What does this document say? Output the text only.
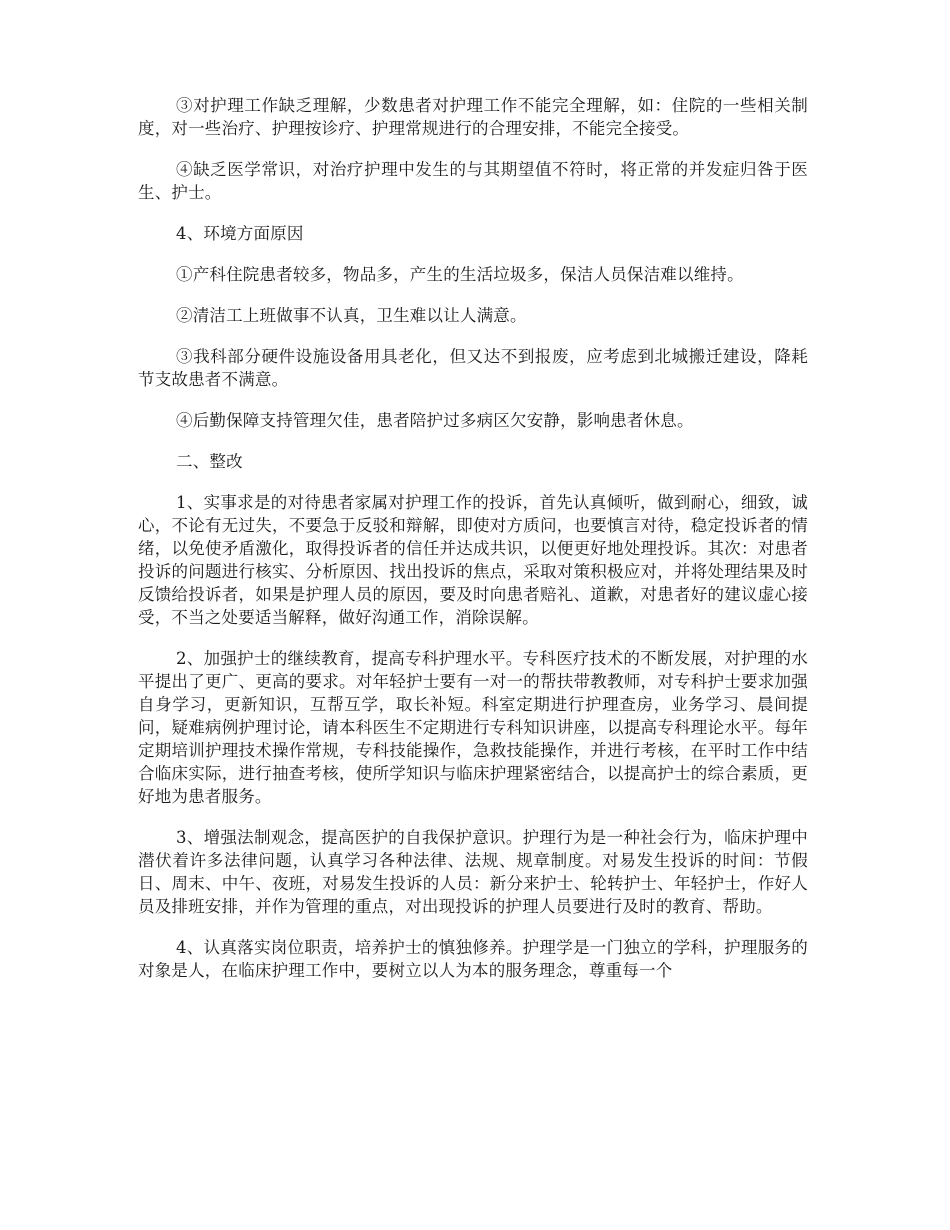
③对护理工作缺乏理解，少数患者对护理工作不能完全理解，如：住院的一些相关制度，对一些治疗、护理按诊疗、护理常规进行的合理安排，不能完全接受。

④缺乏医学常识，对治疗护理中发生的与其期望值不符时，将正常的并发症归咎于医生、护士。

4、环境方面原因

①产科住院患者较多，物品多，产生的生活垃圾多，保洁人员保洁难以维持。

②清洁工上班做事不认真，卫生难以让人满意。

③我科部分硬件设施设备用具老化，但又达不到报废，应考虑到北城搬迁建设，降耗节支故患者不满意。

④后勤保障支持管理欠佳，患者陪护过多病区欠安静，影响患者休息。

二、整改

1、实事求是的对待患者家属对护理工作的投诉，首先认真倾听，做到耐心，细致，诚心，不论有无过失，不要急于反驳和辩解，即使对方质问，也要慎言对待，稳定投诉者的情绪，以免使矛盾激化，取得投诉者的信任并达成共识，以便更好地处理投诉。其次：对患者投诉的问题进行核实、分析原因、找出投诉的焦点，采取对策积极应对，并将处理结果及时反馈给投诉者，如果是护理人员的原因，要及时向患者赔礼、道歉，对患者好的建议虚心接受，不当之处要适当解释，做好沟通工作，消除误解。

2、加强护士的继续教育，提高专科护理水平。专科医疗技术的不断发展，对护理的水平提出了更广、更高的要求。对年轻护士要有一对一的帮扶带教教师，对专科护士要求加强自身学习，更新知识，互帮互学，取长补短。科室定期进行护理查房，业务学习、晨间提问，疑难病例护理讨论，请本科医生不定期进行专科知识讲座，以提高专科理论水平。每年定期培训护理技术操作常规，专科技能操作，急救技能操作，并进行考核，在平时工作中结合临床实际，进行抽查考核，使所学知识与临床护理紧密结合，以提高护士的综合素质，更好地为患者服务。

3、增强法制观念，提高医护的自我保护意识。护理行为是一种社会行为，临床护理中潜伏着许多法律问题，认真学习各种法律、法规、规章制度。对易发生投诉的时间：节假日、周末、中午、夜班，对易发生投诉的人员：新分来护士、轮转护士、年轻护士，作好人员及排班安排，并作为管理的重点，对出现投诉的护理人员要进行及时的教育、帮助。

4、认真落实岗位职责，培养护士的慎独修养。护理学是一门独立的学科，护理服务的对象是人，在临床护理工作中，要树立以人为本的服务理念，尊重每一个
